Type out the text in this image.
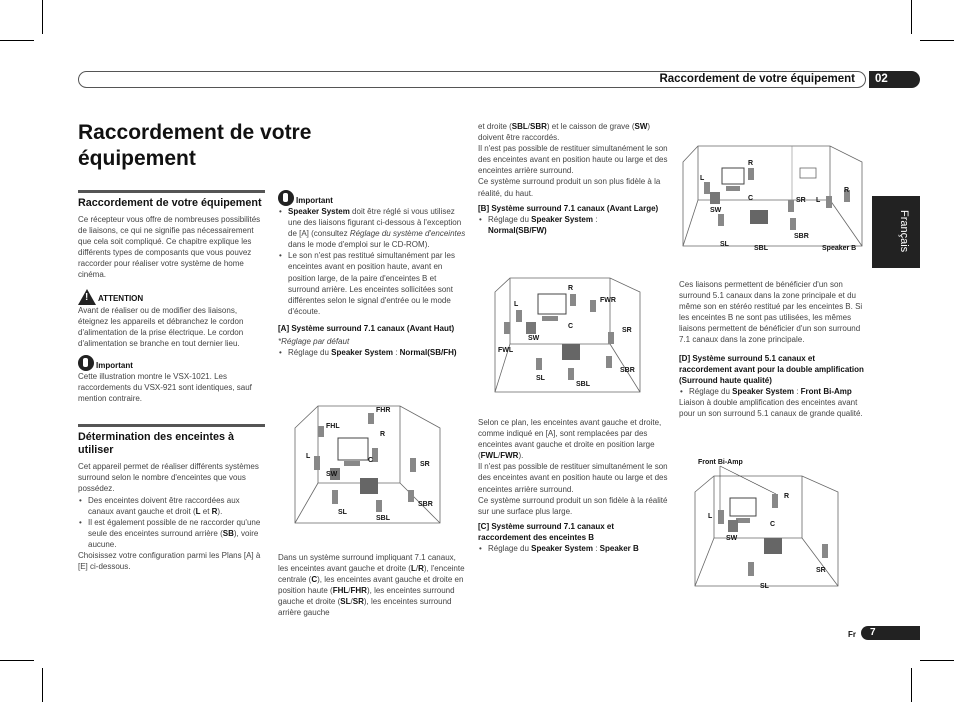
Raccordement de votre équipement	02
Français
Raccordement de votre
équipement
Raccordement de votre équipement

Ce récepteur vous offre de nombreuses possibilités de liaisons, ce qui ne signifie pas nécessairement que cela soit compliqué. Ce chapitre explique les différents types de composants que vous pouvez raccorder pour réaliser votre système de home cinéma.

!
ATTENTION

Avant de réaliser ou de modifier des liaisons, éteignez les appareils et débranchez le cordon d'alimentation de la prise électrique. Le cordon d'alimentation se branche en tout dernier lieu.

Important

Cette illustration montre le VSX-1021. Les raccordements du VSX-921 sont identiques, sauf mention contraire.

Détermination des enceintes à utiliser

Cet appareil permet de réaliser différents systèmes surround selon le nombre d'enceintes que vous possédez.

• Des enceintes doivent être raccordées aux canaux avant gauche et droit (L et R).
• Il est également possible de ne raccorder qu'une seule des enceintes surround arrière (SB), voire aucune.

Choisissez votre configuration parmi les Plans [A] à [E] ci-dessous.

Important
• Speaker System doit être réglé si vous utilisez une des liaisons figurant ci-dessous à l'exception de [A] (consultez Réglage du système d'enceintes dans le mode d'emploi sur le CD-ROM).
• Le son n'est pas restitué simultanément par les enceintes avant en position haute, avant en position large, de la paire d'enceintes B et surround arrière. Les enceintes sollicitées sont différentes selon le signal d'entrée ou le mode d'écoute.
[A] Système surround 7.1 canaux (Avant Haut)

*Réglage par défaut

• Réglage du Speaker System : Normal(SB/FH)
FHL
FHR
L
R
C
SW
SR
SL
SBL
SBR

Dans un système surround impliquant 7.1 canaux, les enceintes avant gauche et droite (L/R), l'enceinte centrale (C), les enceintes avant gauche et droite en position haute (FHL/FHR), les enceintes surround gauche et droite (SL/SR), les enceintes surround arrière gauche

et droite (SBL/SBR) et le caisson de grave (SW) doivent être raccordés.

Il n'est pas possible de restituer simultanément le son des enceintes avant en position haute ou large et des enceintes arrière surround.

Ce système surround produit un son plus fidèle à la réalité, du haut.

[B] Système surround 7.1 canaux (Avant Large)
• Réglage du Speaker System :
Normal(SB/FW)
L
R
FWR
C
SW
FWL
SR
SL
SBL
SBR

Selon ce plan, les enceintes avant gauche et droite, comme indiqué en [A], sont remplacées par des enceintes avant gauche et droite en position large (FWL/FWR).

Il n'est pas possible de restituer simultanément le son des enceintes avant en position haute ou large et des enceintes arrière surround.

Ce système surround produit un son fidèle à la réalité sur une surface plus large.

[C] Système surround 7.1 canaux et raccordement des enceintes B
• Réglage du Speaker System : Speaker B
R
L
C
SW
R
SR L
SL
SBL
SBR
Speaker B

Ces liaisons permettent de bénéficier d'un son surround 5.1 canaux dans la zone principale et du même son en stéréo restitué par les enceintes B. Si les enceintes B ne sont pas utilisées, les mêmes liaisons permettent de bénéficier d'un son surround 7.1 canaux dans la zone principale.

[D] Système surround 5.1 canaux et raccordement avant pour la double amplification (Surround haute qualité)
• Réglage du Speaker System : Front Bi-Amp

Liaison à double amplification des enceintes avant pour un son surround 5.1 canaux de grande qualité.

Front Bi-Amp
L
R
C
SW
SR
SL
Fr	7
